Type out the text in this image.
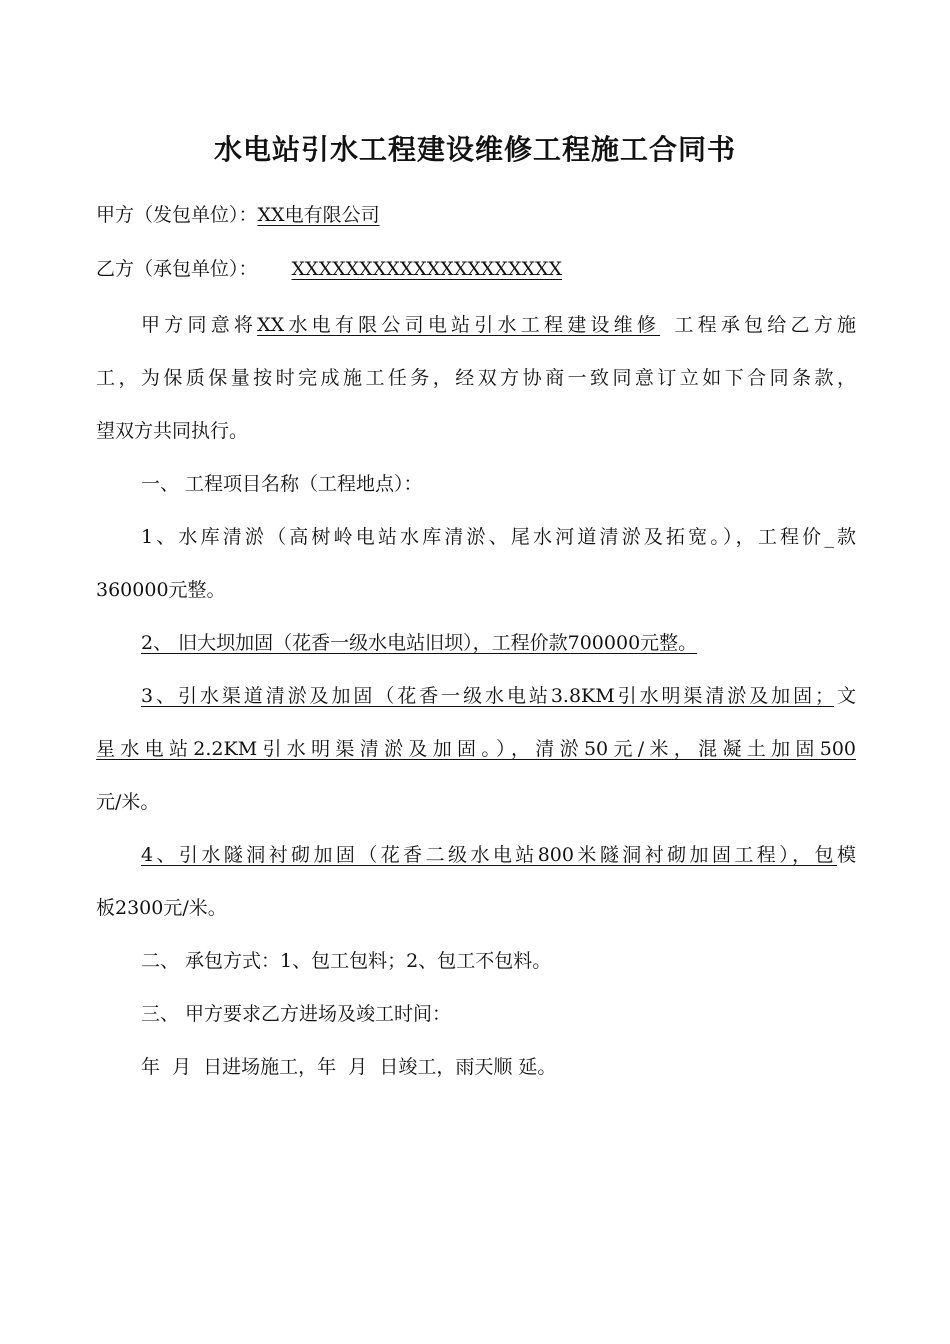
水电站引水工程建设维修工程施工合同书

甲方（发包单位）：XX电有限公司

乙方（承包单位）： XXXXXXXXXXXXXXXXXXXX

甲方同意将XX水电有限公司电站引水工程建设维修 工程承包给乙方施

工，为保质保量按时完成施工任务，经双方协商一致同意订立如下合同条款，

望双方共同执行。

一、 工程项目名称（工程地点）：

1、水库清淤（高树岭电站水库清淤、尾水河道清淤及拓宽。），工程价_款

360000元整。

2、 旧大坝加固（花香一级水电站旧坝），工程价款700000元整。

3、引水渠道清淤及加固（花香一级水电站3.8KM引水明渠清淤及加固；文

星水电站2.2KM引水明渠清淤及加固。），清淤50元/米，混凝土加固500

元/米。

4、引水隧洞衬砌加固（花香二级水电站800米隧洞衬砌加固工程），包模

板2300元/米。

二、 承包方式：1、包工包料；2、包工不包料。

三、 甲方要求乙方进场及竣工时间：

年  月  日进场施工，年  月  日竣工，雨天顺 延。
